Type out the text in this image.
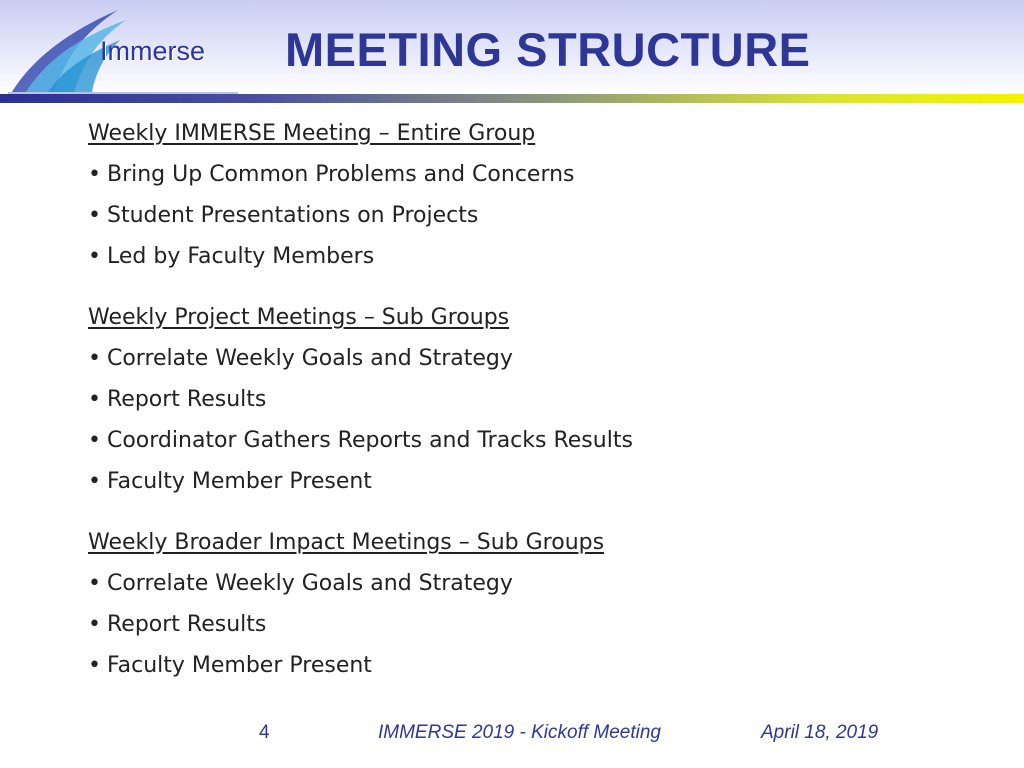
Immerse MEETING STRUCTURE
Weekly IMMERSE Meeting – Entire Group
• Bring Up Common Problems and Concerns
• Student Presentations on Projects
• Led by Faculty Members
Weekly Project Meetings – Sub Groups
• Correlate Weekly Goals and Strategy
• Report Results
• Coordinator Gathers Reports and Tracks Results
• Faculty Member Present
Weekly Broader Impact Meetings – Sub Groups
• Correlate Weekly Goals and Strategy
• Report Results
• Faculty Member Present
4	IMMERSE 2019 - Kickoff Meeting	April 18, 2019
